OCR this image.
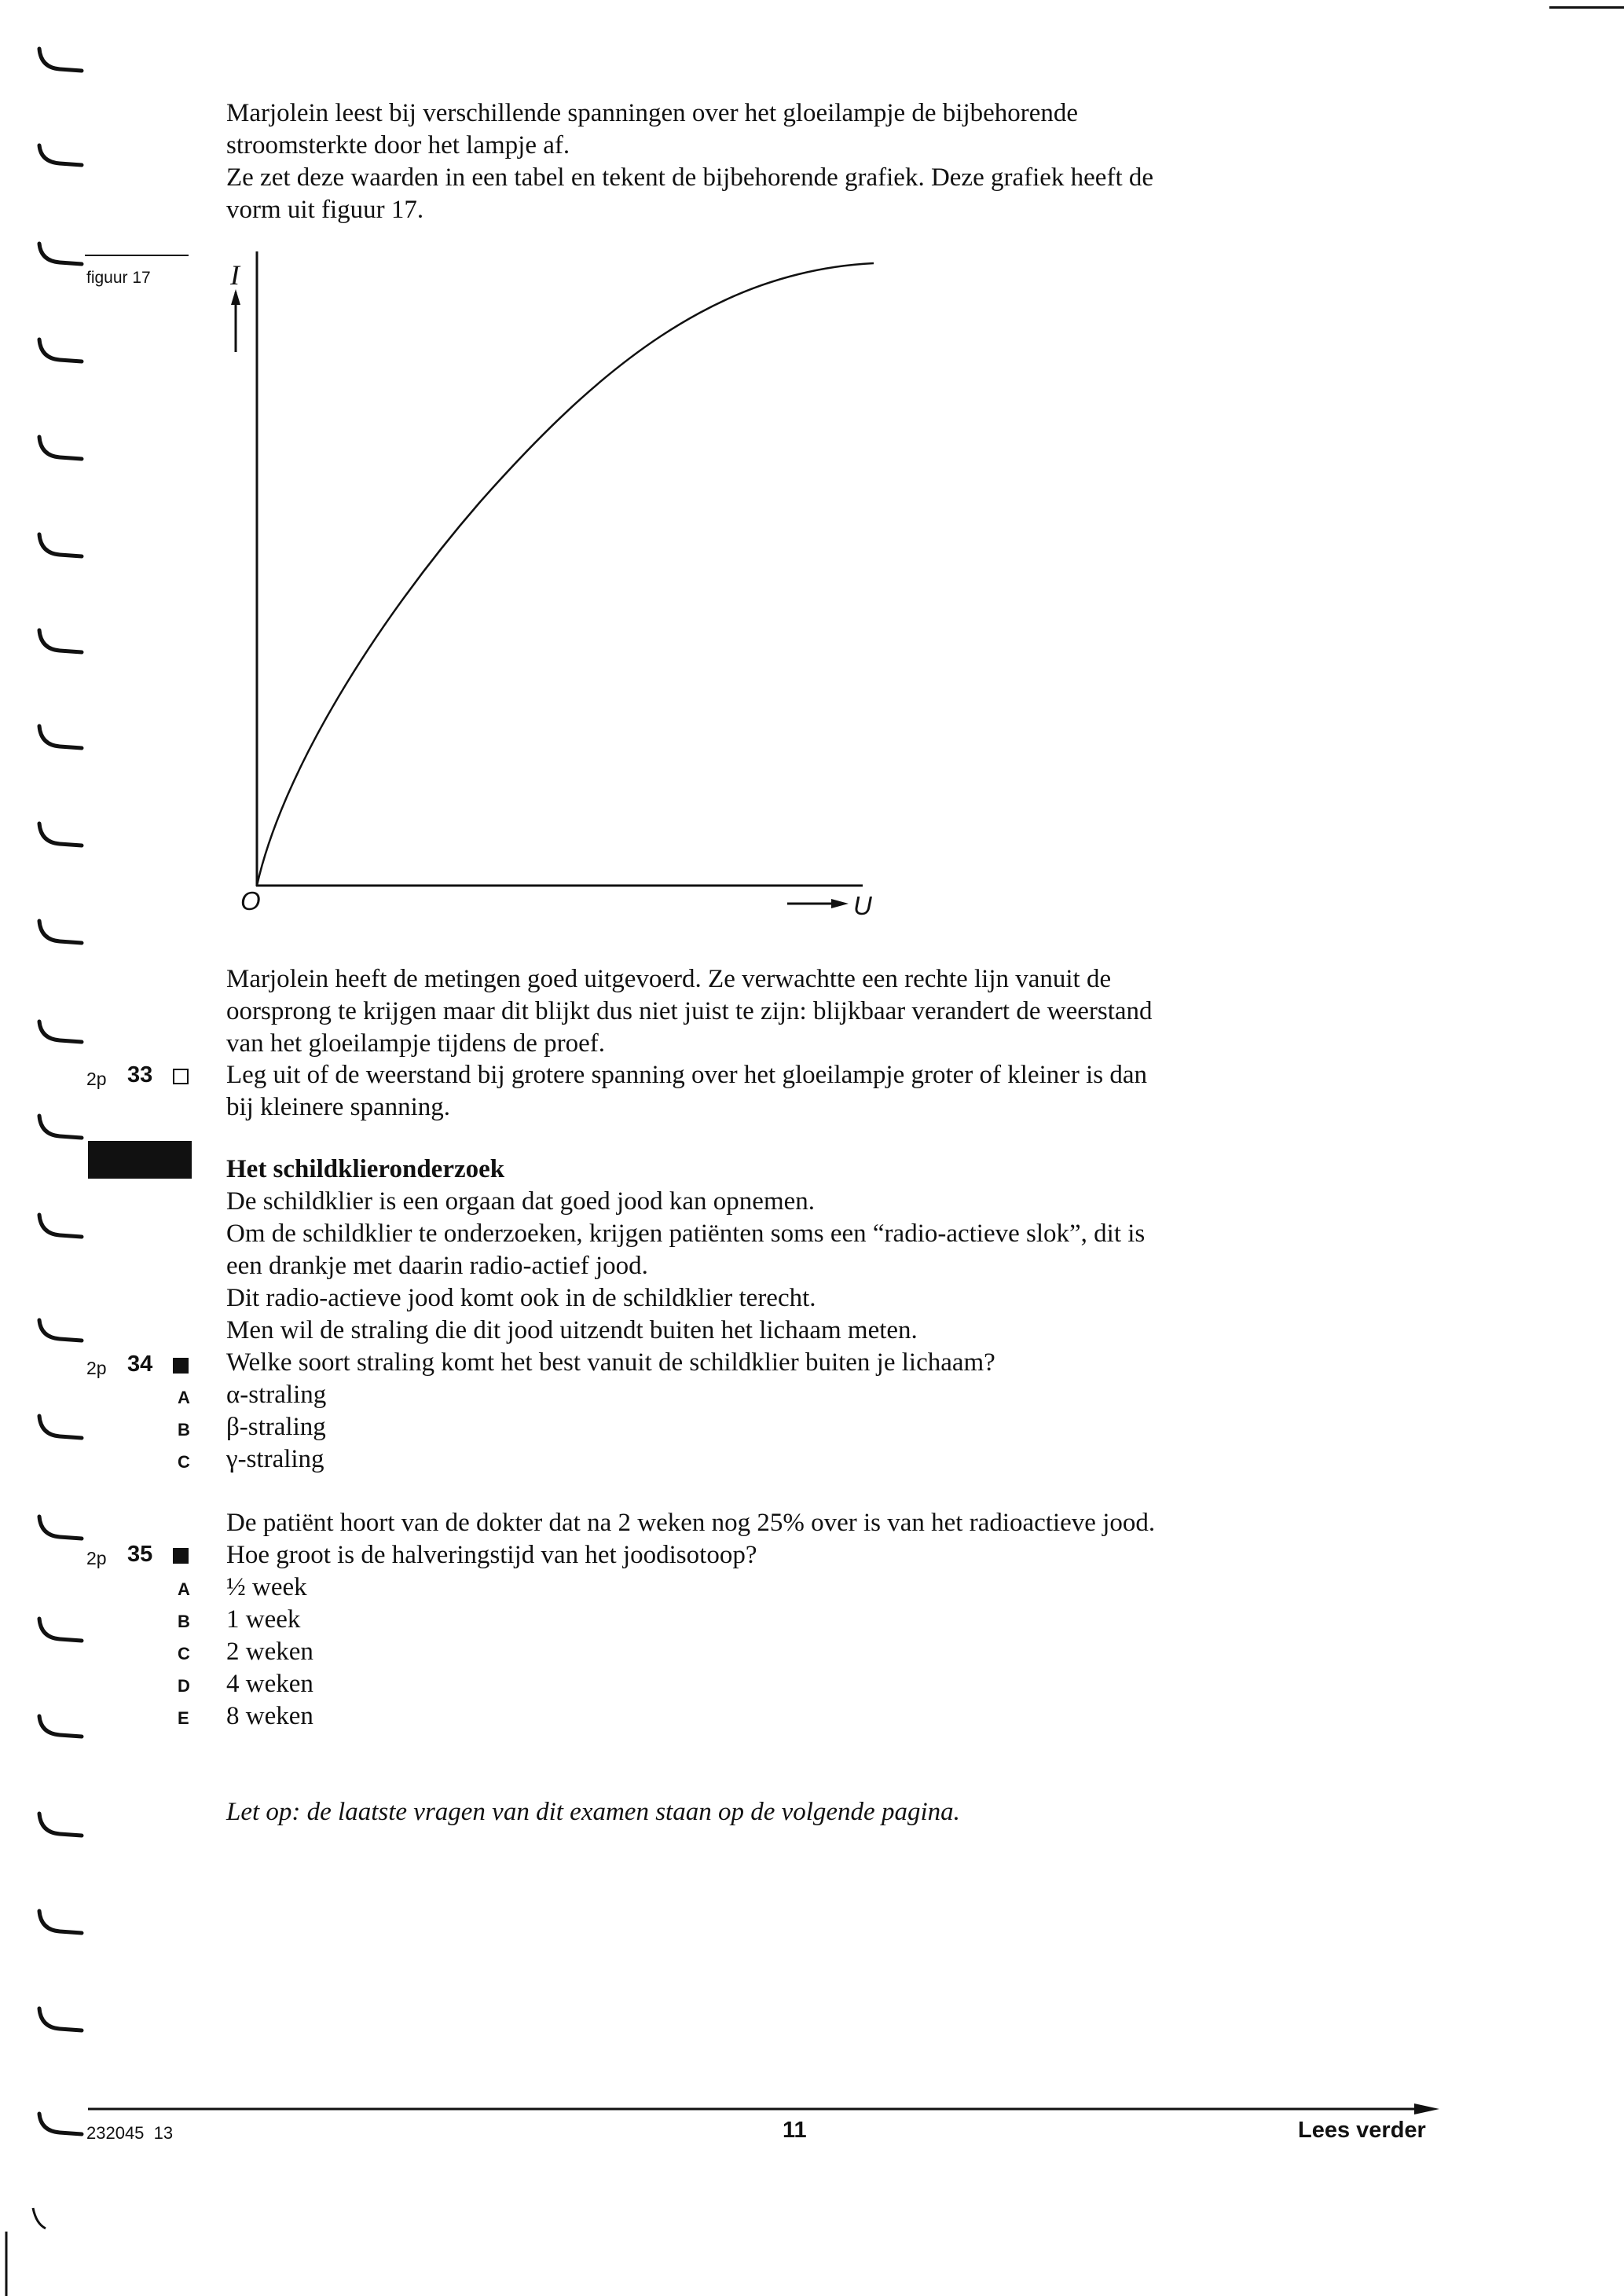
Marjolein leest bij verschillende spanningen over het gloeilampje de bijbehorende
stroomsterkte door het lampje af.
Ze zet deze waarden in een tabel en tekent de bijbehorende grafiek. Deze grafiek heeft de
vorm uit figuur 17.
figuur 17	I
O	U
Marjolein heeft de metingen goed uitgevoerd. Ze verwachtte een rechte lijn vanuit de
oorsprong te krijgen maar dit blijkt dus niet juist te zijn: blijkbaar verandert de weerstand
van het gloeilampje tijdens de proef.
2p 33	Leg uit of de weerstand bij grotere spanning over het gloeilampje groter of kleiner is dan
bij kleinere spanning.
Het schildklieronderzoek
De schildklier is een orgaan dat goed jood kan opnemen.
Om de schildklier te onderzoeken, krijgen patiënten soms een “radio-actieve slok”, dit is
een drankje met daarin radio-actief jood.
Dit radio-actieve jood komt ook in de schildklier terecht.
Men wil de straling die dit jood uitzendt buiten het lichaam meten.
2p 34	Welke soort straling komt het best vanuit de schildklier buiten je lichaam?
A α-straling
B β-straling
C γ-straling
De patiënt hoort van de dokter dat na 2 weken nog 25% over is van het radioactieve jood.
2p 35	Hoe groot is de halveringstijd van het joodisotoop?
A ½ week
B 1 week
C 2 weken
D 4 weken
E 8 weken
Let op: de laatste vragen van dit examen staan op de volgende pagina.
232045  13	11	Lees verder
